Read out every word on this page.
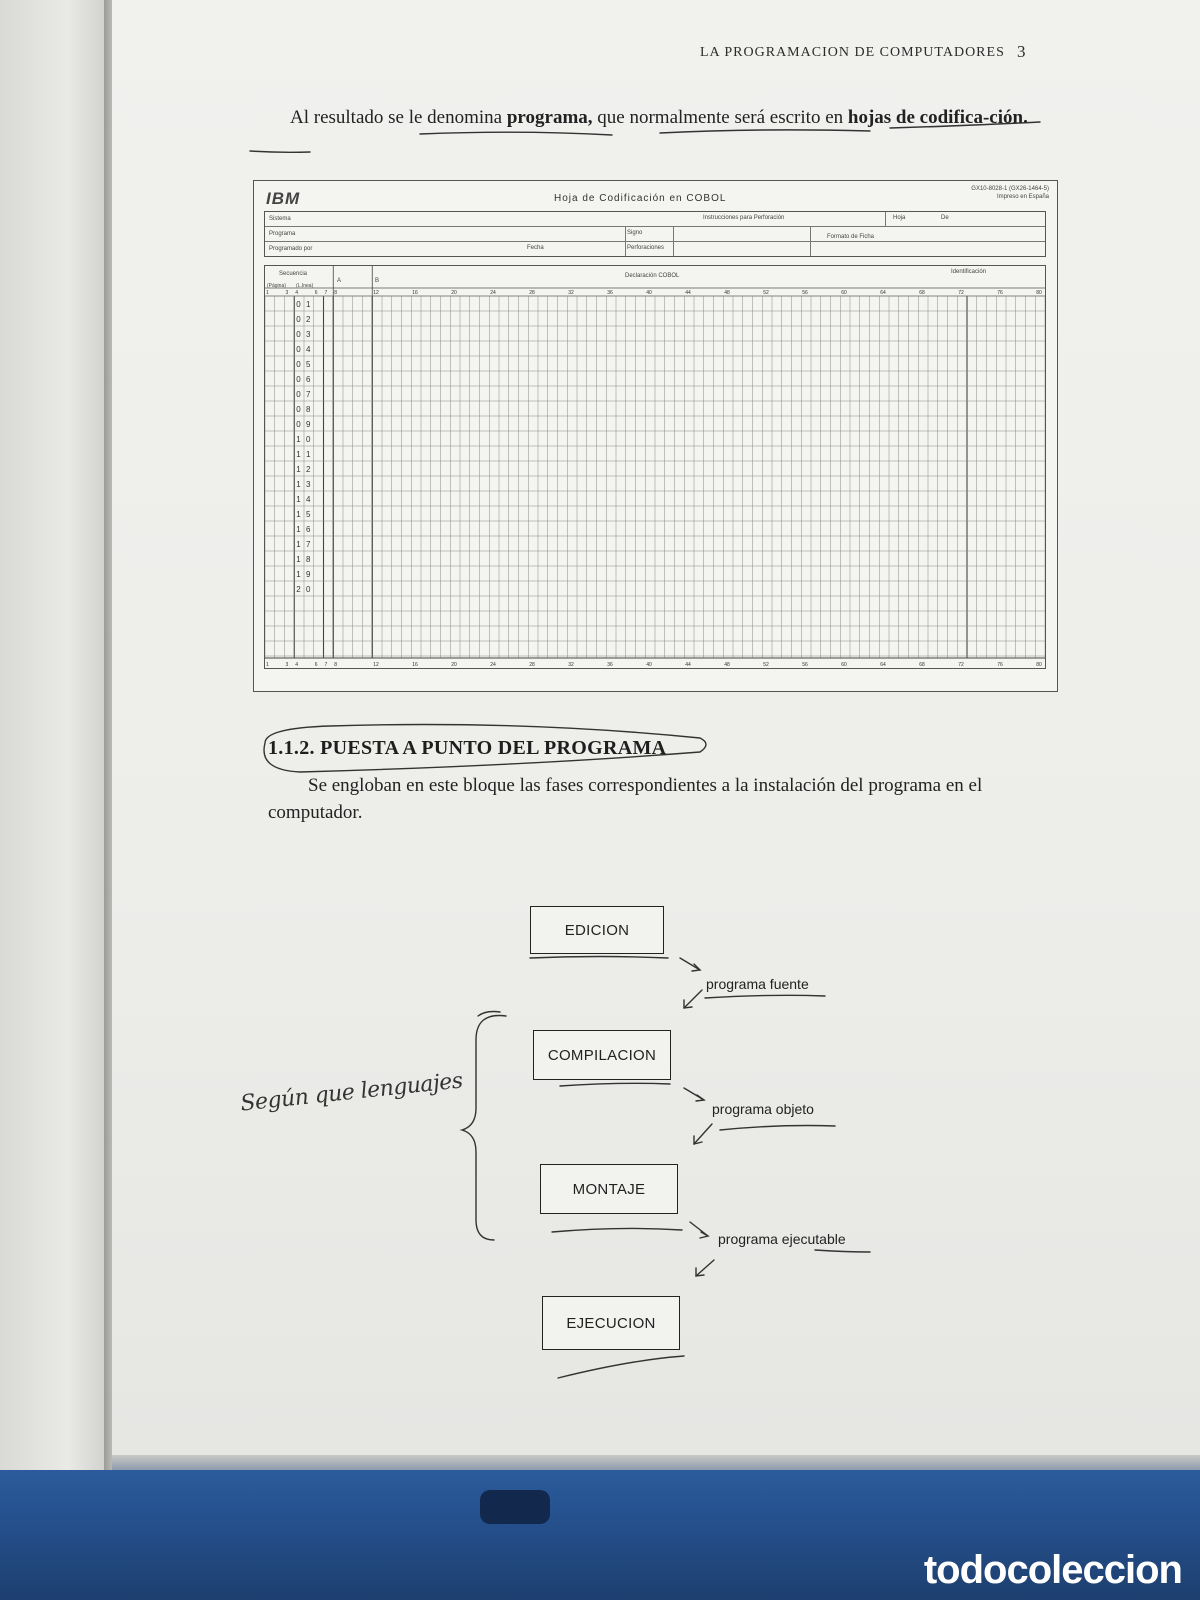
LA PROGRAMACION DE COMPUTADORES 3

Al resultado se le denomina programa, que normalmente será escrito en hojas de codifica-ción.

IBM	Hoja de Codificación en COBOL
GX10-8028-1 (GX26-1464-5)
Impreso en España
Sistema
Programa
Programado por	Fecha
Instrucciones para Perforación	Hoja	De
Signo
Perforaciones
Formato de Ficha
Secuencia
(Página) (L.Inea)
A	B
Declaración COBOL
Identificación
0 1
0 2
0 3
0 4
0 5
0 6
0 7
0 8
0 9
1 0
1 1
1 2
1 3
1 4
1 5
1 6
1 7
1 8
1 9
2 0
1	3 4	6 7 8	12	16	20	24	28	32	36	40	44	48	52	56	60	64	68	72	76	80
1	3 4	6 7 8	12	16	20	24	28	32	36	40	44	48	52	56	60	64	68	72	76	80
1.1.2. PUESTA A PUNTO DEL PROGRAMA

Se engloban en este bloque las fases correspondientes a la instalación del programa en el computador.

EDICION
programa fuente
COMPILACION
programa objeto
MONTAJE
programa ejecutable
EJECUCION
Según que lenguajes
todocoleccion
